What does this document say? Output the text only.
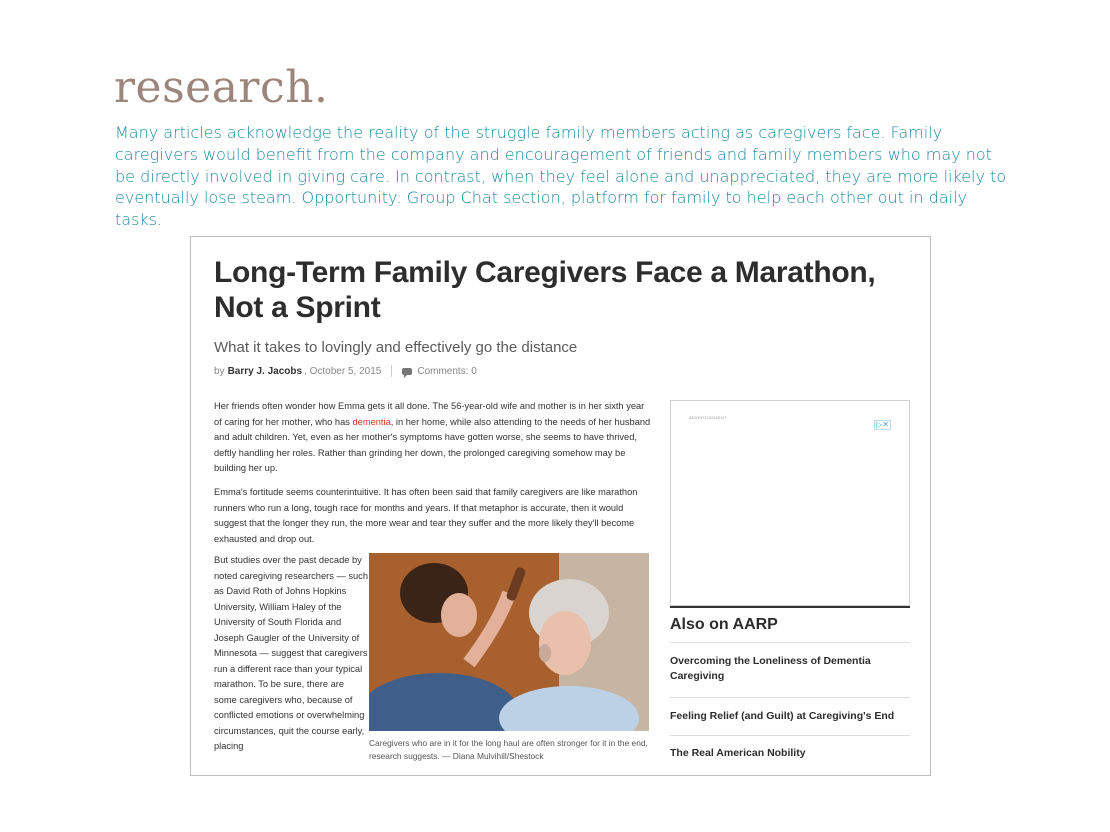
research.

Many articles acknowledge the reality of the struggle family members acting as caregivers face. Family caregivers would benefit from the company and encouragement of friends and family members who may not be directly involved in giving care. In contrast, when they feel alone and unappreciated, they are more likely to eventually lose steam. Opportunity: Group Chat section, platform for family to help each other out in daily tasks.

Long-Term Family Caregivers Face a Marathon, Not a Sprint

What it takes to lovingly and effectively go the distance

by Barry J. Jacobs , October 5, 2015	Comments: 0

Her friends often wonder how Emma gets it all done. The 56-year-old wife and mother is in her sixth year of caring for her mother, who has dementia, in her home, while also attending to the needs of her husband and adult children. Yet, even as her mother's symptoms have gotten worse, she seems to have thrived, deftly handling her roles. Rather than grinding her down, the prolonged caregiving somehow may be building her up.

Emma's fortitude seems counterintuitive. It has often been said that family caregivers are like marathon runners who run a long, tough race for months and years. If that metaphor is accurate, then it would suggest that the longer they run, the more wear and tear they suffer and the more likely they'll become exhausted and drop out.

But studies over the past decade by noted caregiving researchers — such as David Roth of Johns Hopkins University, William Haley of the University of South Florida and Joseph Gaugler of the University of Minnesota — suggest that caregivers run a different race than your typical marathon. To be sure, there are some caregivers who, because of conflicted emotions or overwhelming circumstances, quit the course early, placing	Caregivers who are in it for the long haul are often stronger for it in the end, research suggests. — Diana Mulvihill/Shestock

ADVERTISEMENT
▷✕
Also on AARP

Overcoming the Loneliness of Dementia Caregiving

Feeling Relief (and Guilt) at Caregiving's End

The Real American Nobility
